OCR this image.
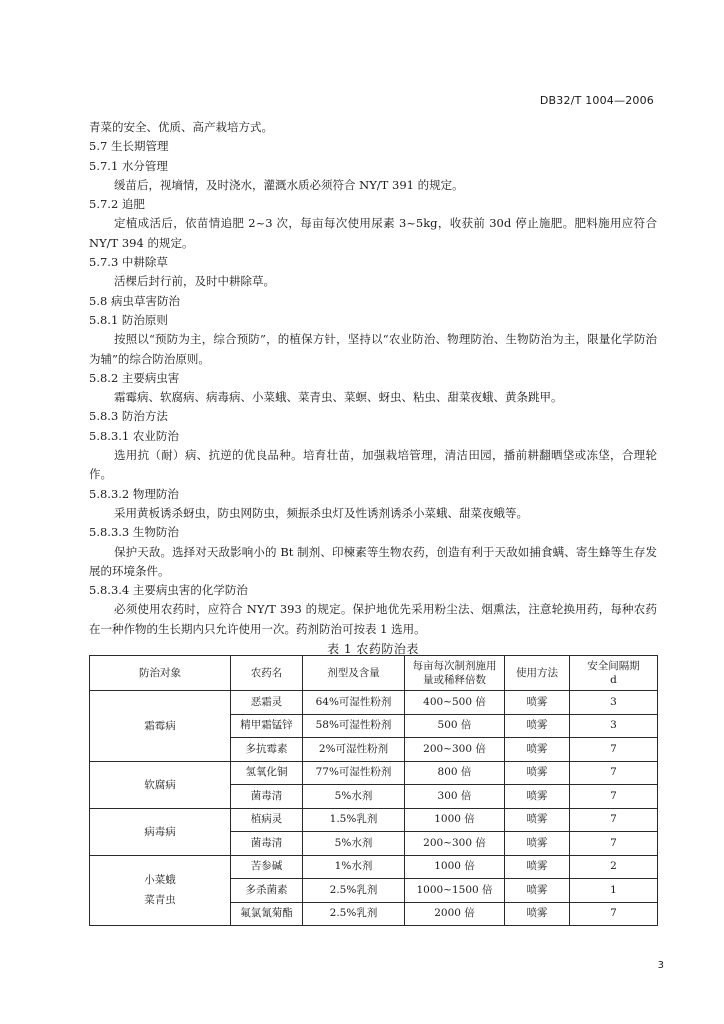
DB32/T 1004—2006
青菜的安全、优质、高产栽培方式。
5.7 生长期管理
5.7.1 水分管理
缓苗后，视墒情，及时浇水，灌溉水质必须符合 NY/T 391 的规定。
5.7.2 追肥
定植成活后，依苗情追肥 2~3 次，每亩每次使用尿素 3~5kg，收获前 30d 停止施肥。肥料施用应符合 NY/T 394 的规定。
5.7.3 中耕除草
活棵后封行前，及时中耕除草。
5.8 病虫草害防治
5.8.1 防治原则
按照以“预防为主，综合预防”，的植保方针，坚持以“农业防治、物理防治、生物防治为主，限量化学防治为辅”的综合防治原则。
5.8.2 主要病虫害
霜霉病、软腐病、病毒病、小菜蛾、菜青虫、菜螟、蚜虫、粘虫、甜菜夜蛾、黄条跳甲。
5.8.3 防治方法
5.8.3.1 农业防治
选用抗（耐）病、抗逆的优良品种。培育壮苗，加强栽培管理，清洁田园，播前耕翻晒垡或冻垡，合理轮作。
5.8.3.2 物理防治
采用黄板诱杀蚜虫，防虫网防虫，频振杀虫灯及性诱剂诱杀小菜蛾、甜菜夜蛾等。
5.8.3.3 生物防治
保护天敌。选择对天敌影响小的 Bt 制剂、印楝素等生物农药，创造有利于天敌如捕食螨、寄生蜂等生存发展的环境条件。
5.8.3.4 主要病虫害的化学防治
必须使用农药时，应符合 NY/T 393 的规定。保护地优先采用粉尘法、烟熏法，注意轮换用药，每种农药在一种作物的生长期内只允许使用一次。药剂防治可按表 1 选用。
表 1 农药防治表
防治对象	农药名	剂型及含量	每亩每次制剂施用量或稀释倍数	使用方法	安全间隔期
d
霜霉病	恶霜灵	64%可湿性粉剂	400~500 倍	喷雾	3
	精甲霜锰锌	58%可湿性粉剂	500 倍	喷雾	3
	多抗霉素	2%可湿性粉剂	200~300 倍	喷雾	7
软腐病	氢氧化铜	77%可湿性粉剂	800 倍	喷雾	7
	菌毒清	5%水剂	300 倍	喷雾	7
病毒病	植病灵	1.5%乳剂	1000 倍	喷雾	7
	菌毒清	5%水剂	200~300 倍	喷雾	7
小菜蛾
菜青虫	苦参碱	1%水剂	1000 倍	喷雾	2
	多杀菌素	2.5%乳剂	1000~1500 倍	喷雾	1
	氟氯氰菊酯	2.5%乳剂	2000 倍	喷雾	7
3
